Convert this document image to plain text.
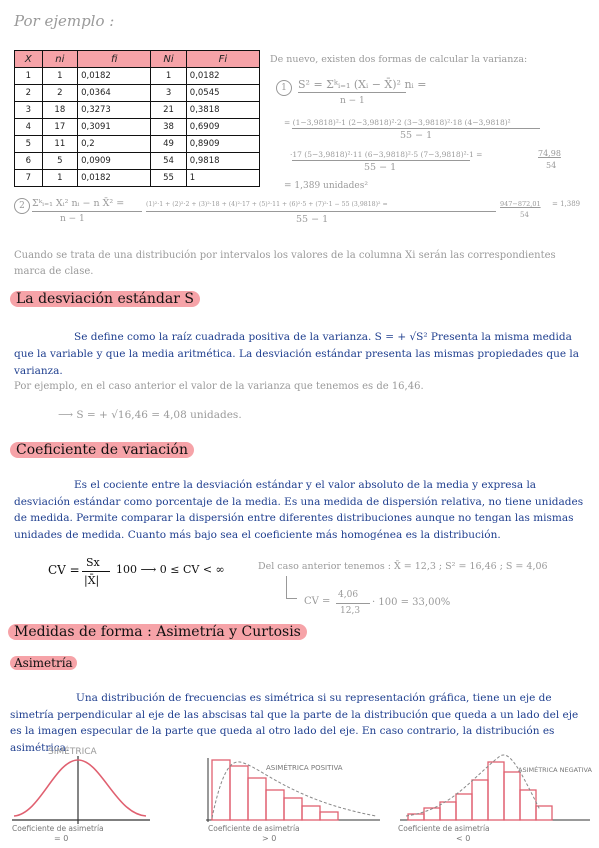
Por ejemplo :
X	ni	fi	Ni	Fi
1	1	0,0182	1	0,0182
2	2	0,0364	3	0,0545
3	18	0,3273	21	0,3818
4	17	0,3091	38	0,6909
5	11	0,2	49	0,8909
6	5	0,0909	54	0,9818
7	1	0,0182	55	1
De nuevo, existen dos formas de calcular la varianza:
1	S² = Σᵏᵢ₌₁ (Xᵢ − X̄)² nᵢ =
n − 1
= (1−3,9818)²·1 (2−3,9818)²·2 (3−3,9818)²·18 (4−3,9818)²
55 − 1
·17 (5−3,9818)²·11 (6−3,9818)²·5 (7−3,9818)²·1 =
55 − 1
74,98
54
= 1,389 unidades²
2 Σᵏᵢ₌₁ Xᵢ² nᵢ − n X̄² =
n − 1
(1)²·1 + (2)²·2 + (3)²·18 + (4)²·17 + (5)²·11 + (6)²·5 + (7)²·1 − 55 (3,9818)² =
55 − 1
947−872,01
54
= 1,389
Cuando se trata de una distribución por intervalos los valores de la columna Xi serán las correspondientes marca de clase.
La desviación estándar S
Se define como la raíz cuadrada positiva de la varianza. S = + √S² Presenta la misma medida que la variable y que la media aritmética. La desviación estándar presenta las mismas propiedades que la varianza.
Por ejemplo, en el caso anterior el valor de la varianza que tenemos es de 16,46.
⟶ S = + √16,46 = 4,08 unidades.
Coeficiente de variación
Es el cociente entre la desviación estándar y el valor absoluto de la media y expresa la desviación estándar como porcentaje de la media. Es una medida de dispersión relativa, no tiene unidades de medida. Permite comparar la dispersión entre diferentes distribuciones aunque no tengan las mismas unidades de medida. Cuanto más bajo sea el coeficiente más homogénea es la distribución.
CV =
Sx
|X̄|
100 ⟶ 0 ≤ CV < ∞	Del caso anterior tenemos : X̄ = 12,3 ; S² = 16,46 ; S = 4,06
CV =
4,06
12,3
· 100 = 33,00%
Medidas de forma : Asimetría y Curtosis
Asimetría
Una distribución de frecuencias es simétrica si su representación gráfica, tiene un eje de simetría perpendicular al eje de las abscisas tal que la parte de la distribución que queda a un lado del eje es la imagen especular de la parte que queda al otro lado del eje. En caso contrario, la distribución es asimétrica.
SIMÉTRICA
Coeficiente de asimetría
= 0
ASIMÉTRICA POSITIVA
Coeficiente de asimetría
> 0
ASIMÉTRICA NEGATIVA
Coeficiente de asimetría
< 0
